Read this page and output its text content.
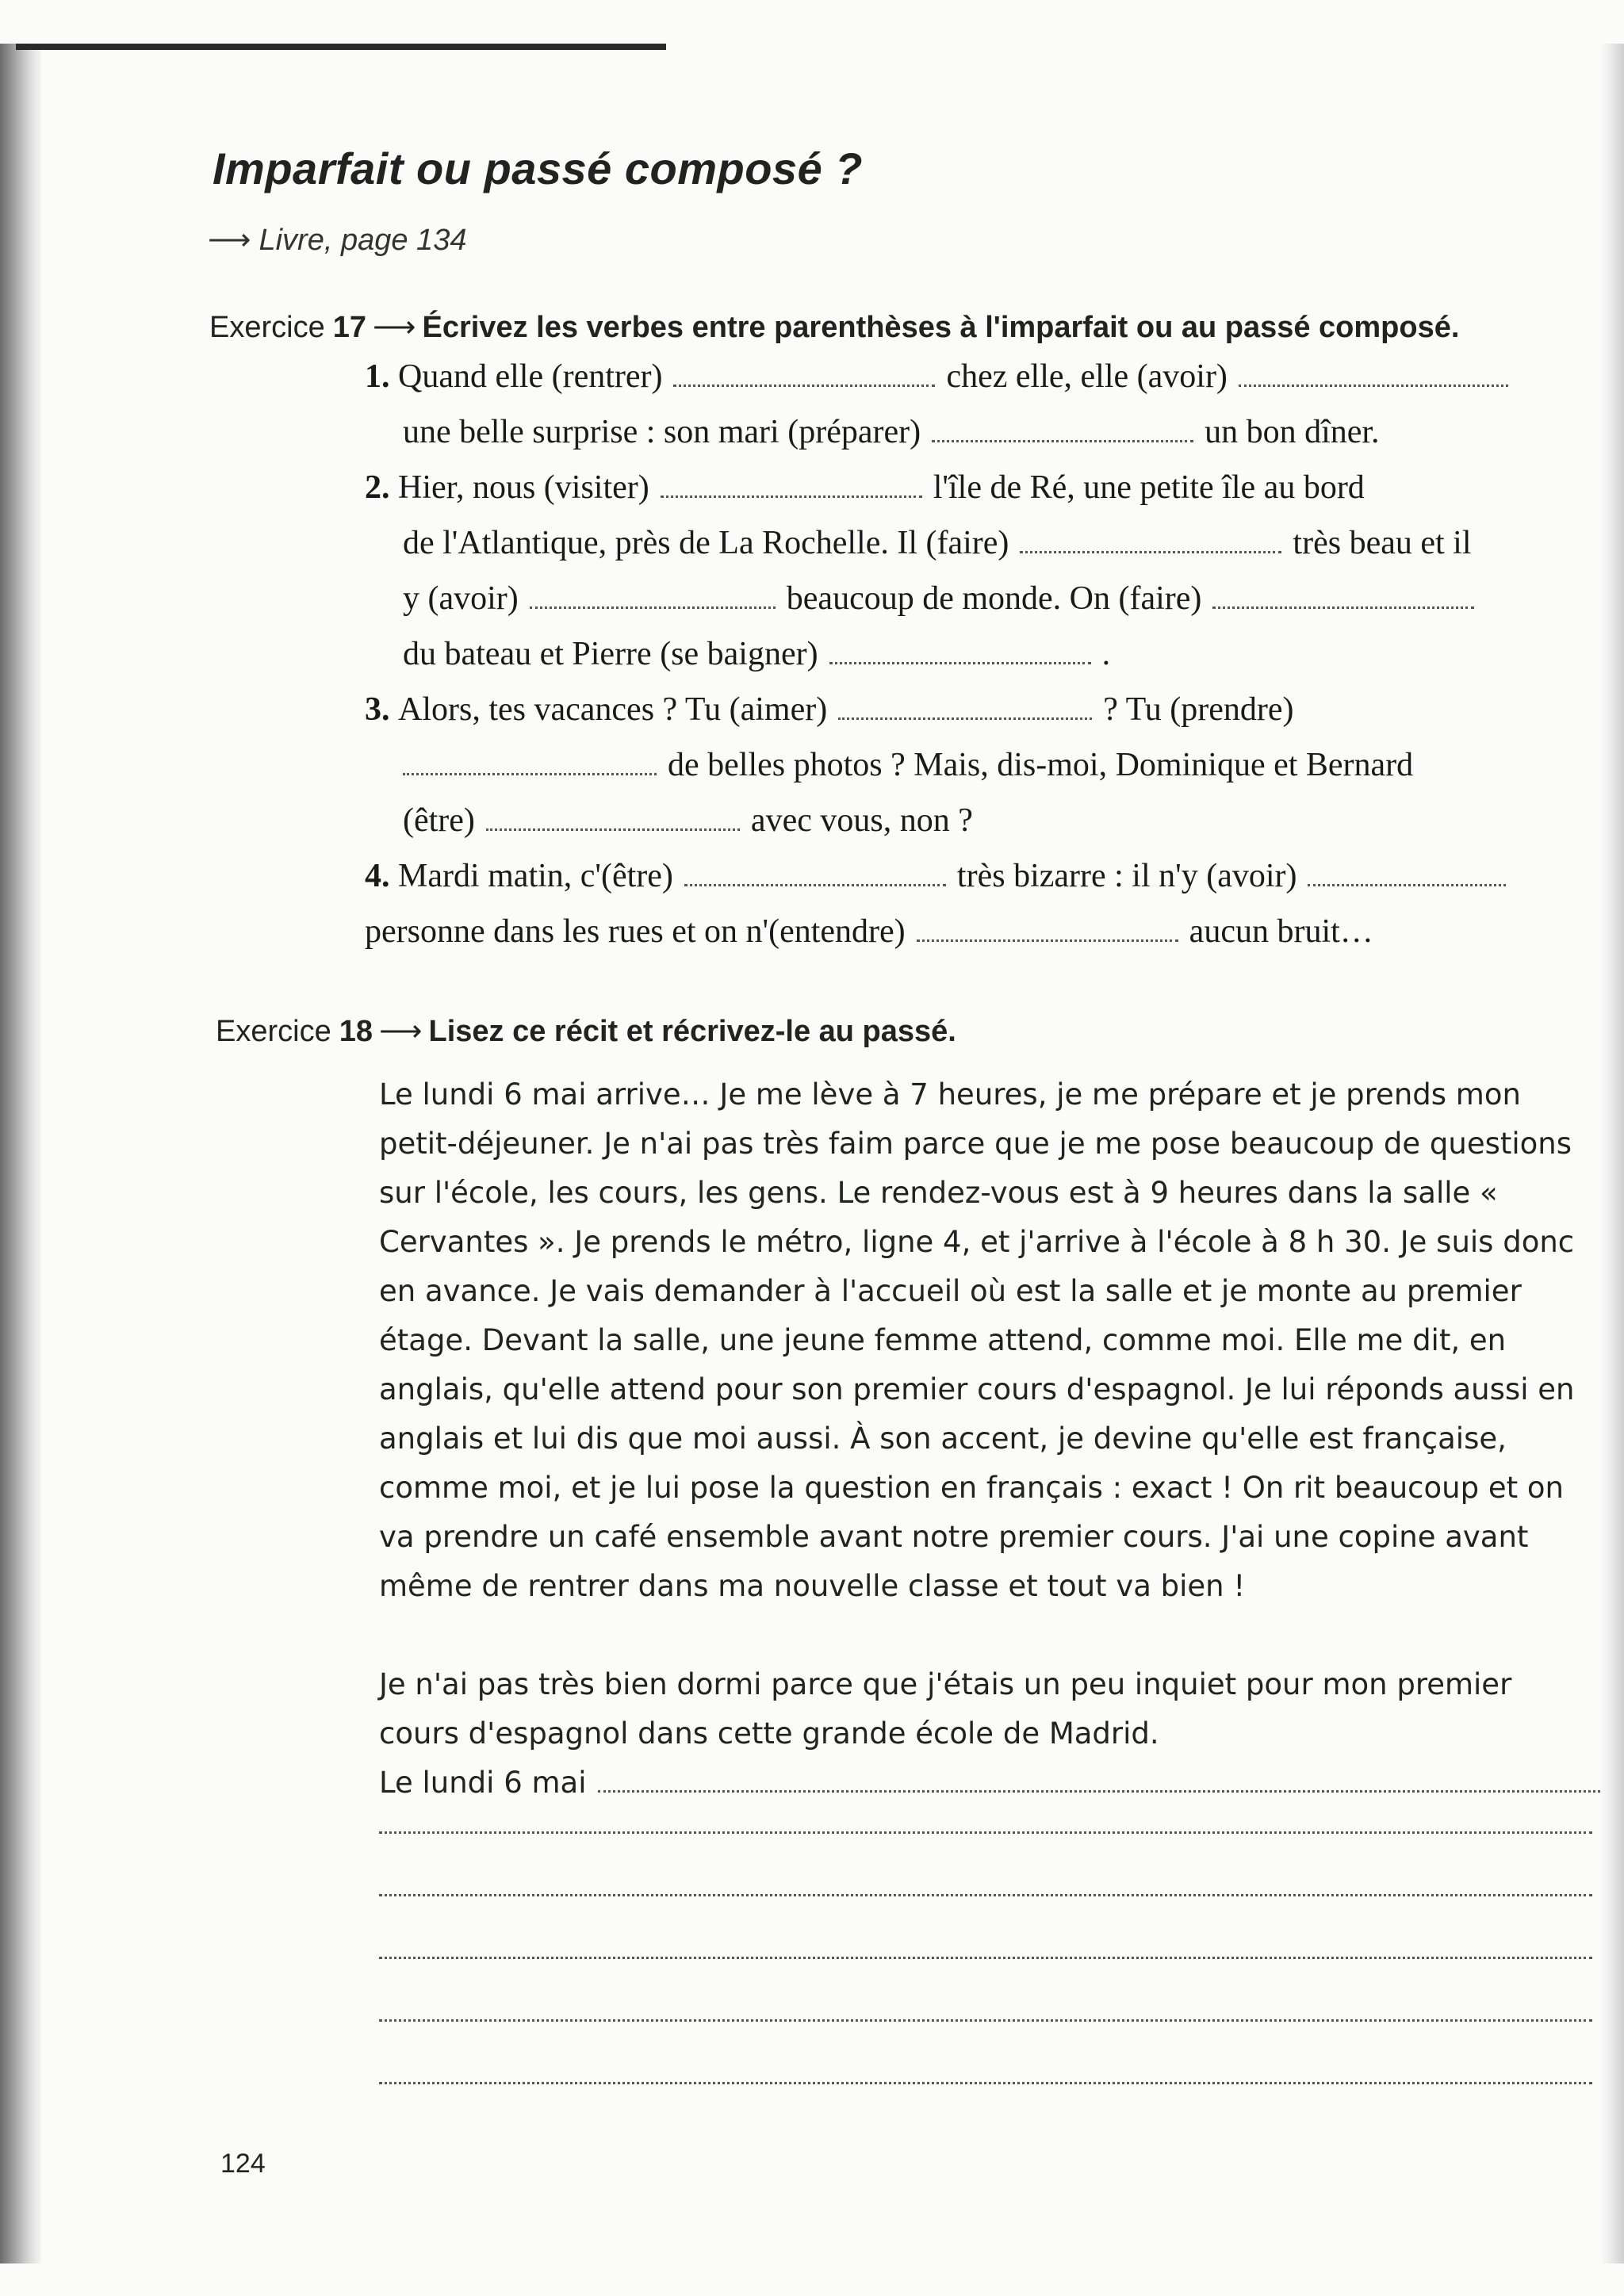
Imparfait ou passé composé ?
⟶ Livre, page 134
Exercice 17 ⟶ Écrivez les verbes entre parenthèses à l'imparfait ou au passé composé.
1. Quand elle (rentrer)	chez elle, elle (avoir)
une belle surprise : son mari (préparer)	un bon dîner.
2. Hier, nous (visiter)	l'île de Ré, une petite île au bord
de l'Atlantique, près de La Rochelle. Il (faire)	très beau et il
y (avoir)	beaucoup de monde. On (faire)
du bateau et Pierre (se baigner)	.
3. Alors, tes vacances ? Tu (aimer)	? Tu (prendre)
de belles photos ? Mais, dis-moi, Dominique et Bernard
(être)	avec vous, non ?
4. Mardi matin, c'(être)	très bizarre : il n'y (avoir)
personne dans les rues et on n'(entendre)	aucun bruit…
Exercice 18 ⟶ Lisez ce récit et récrivez-le au passé.

Le lundi 6 mai arrive… Je me lève à 7 heures, je me prépare et je prends mon petit-déjeuner. Je n'ai pas très faim parce que je me pose beaucoup de questions sur l'école, les cours, les gens. Le rendez-vous est à 9 heures dans la salle « Cervantes ». Je prends le métro, ligne 4, et j'arrive à l'école à 8 h 30. Je suis donc en avance. Je vais demander à l'accueil où est la salle et je monte au premier étage. Devant la salle, une jeune femme attend, comme moi. Elle me dit, en anglais, qu'elle attend pour son premier cours d'espagnol. Je lui réponds aussi en anglais et lui dis que moi aussi. À son accent, je devine qu'elle est française, comme moi, et je lui pose la question en français : exact ! On rit beaucoup et on va prendre un café ensemble avant notre premier cours. J'ai une copine avant même de rentrer dans ma nouvelle classe et tout va bien !

Je n'ai pas très bien dormi parce que j'étais un peu inquiet pour mon premier cours d'espagnol dans cette grande école de Madrid.

Le lundi 6 mai
124
